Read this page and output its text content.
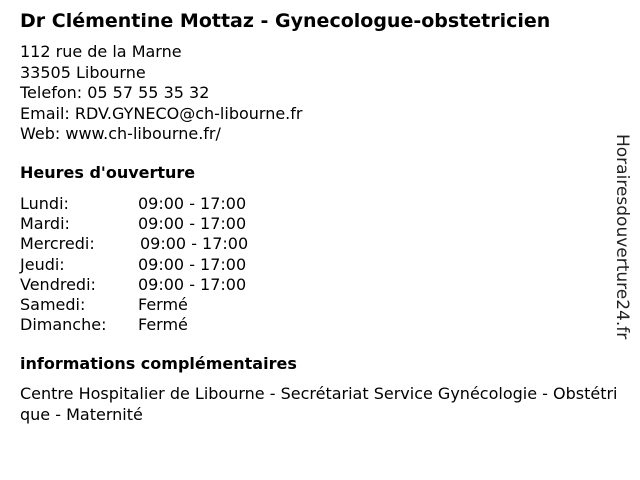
Dr Clémentine Mottaz - Gynecologue-obstetricien
112 rue de la Marne
33505 Libourne
Telefon: 05 57 55 35 32
Email: RDV.GYNECO@ch-libourne.fr
Web: www.ch-libourne.fr/
Heures d'ouverture
Lundi:	09:00 - 17:00
Mardi:	09:00 - 17:00
Mercredi:	09:00 - 17:00
Jeudi:	09:00 - 17:00
Vendredi:	09:00 - 17:00
Samedi:	Fermé
Dimanche: Fermé
informations complémentaires
Centre Hospitalier de Libourne - Secrétariat Service Gynécologie - Obstétrique - Maternité
Horairesdouverture24.fr
